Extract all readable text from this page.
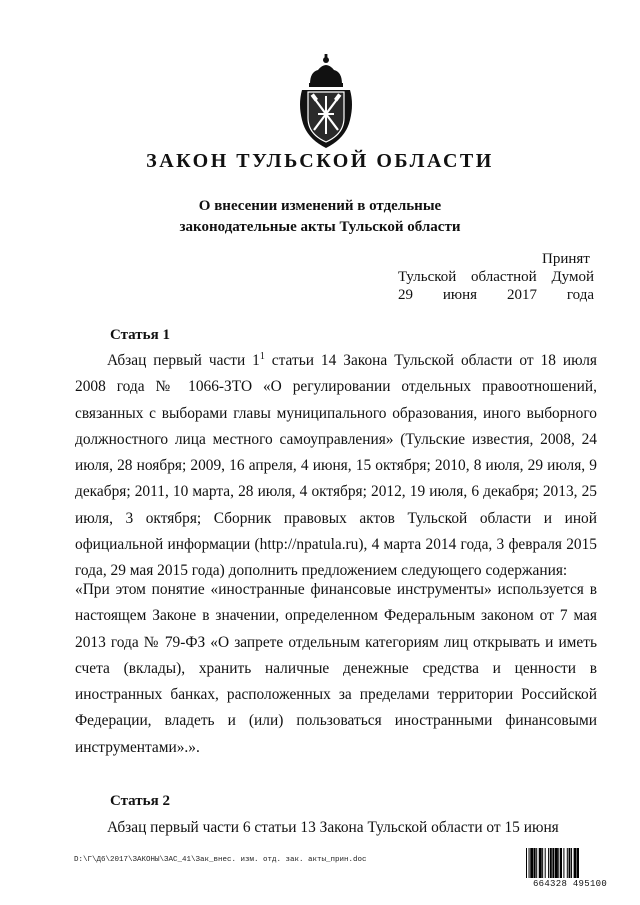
ЗАКОН ТУЛЬСКОЙ ОБЛАСТИ
О внесении изменений в отдельные
законодательные акты Тульской области
Принят
Тульской областной Думой
29 июня 2017 года
Статья 1

Абзац первый части $1^1$ статьи 14 Закона Тульской области от 18 июля 2008 года № 1066-ЗТО «О регулировании отдельных правоотношений, связанных с выборами главы муниципального образования, иного выборного должностного лица местного самоуправления» (Тульские известия, 2008, 24 июля, 28 ноября; 2009, 16 апреля, 4 июня, 15 октября; 2010, 8 июля, 29 июля, 9 декабря; 2011, 10 марта, 28 июля, 4 октября; 2012, 19 июля, 6 декабря; 2013, 25 июля, 3 октября; Сборник правовых актов Тульской области и иной официальной информации (http://npatula.ru), 4 марта 2014 года, 3 февраля 2015 года, 29 мая 2015 года) дополнить предложением следующего содержания:

«При этом понятие «иностранные финансовые инструменты» используется в настоящем Законе в значении, определенном Федеральным законом от 7 мая 2013 года № 79-ФЗ «О запрете отдельным категориям лиц открывать и иметь счета (вклады), хранить наличные денежные средства и ценности в иностранных банках, расположенных за пределами территории Российской Федерации, владеть и (или) пользоваться иностранными финансовыми инструментами».».

Статья 2

Абзац первый части 6 статьи 13 Закона Тульской области от 15 июня

D:\Г\Д6\2017\ЗАКОНЫ\ЗАС_41\Зак_внес. изм. отд. зак. акты_прин.doc
664328 495100
